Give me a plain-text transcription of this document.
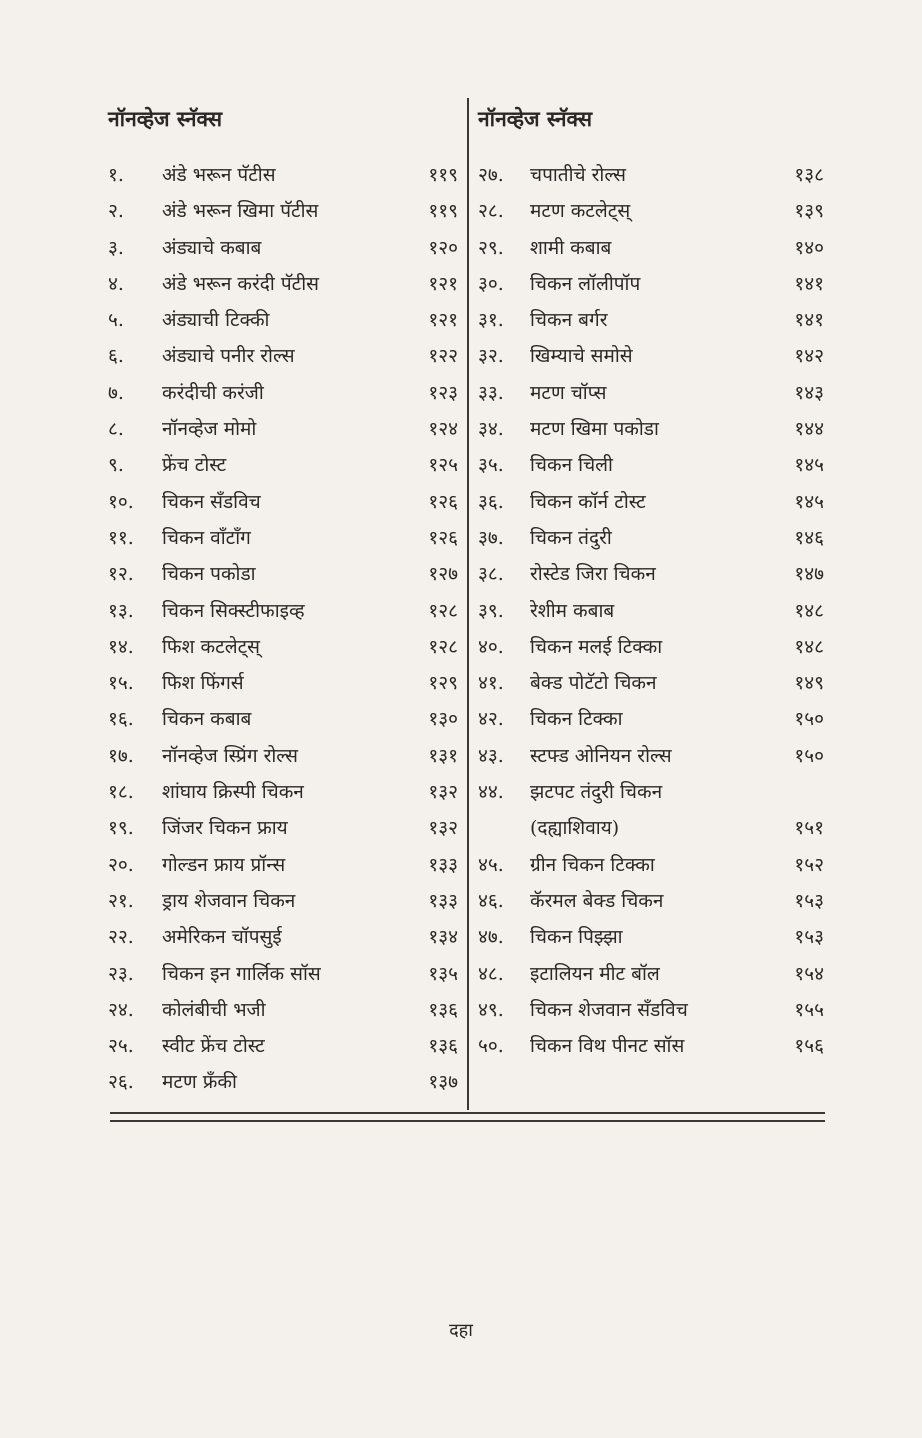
नॉनव्हेज स्नॅक्स
१.	अंडे भरून पॅटीस	११९
२.	अंडे भरून खिमा पॅटीस	११९
३.	अंड्याचे कबाब	१२०
४.	अंडे भरून करंदी पॅटीस	१२१
५.	अंड्याची टिक्की	१२१
६.	अंड्याचे पनीर रोल्स	१२२
७.	करंदीची करंजी	१२३
८.	नॉनव्हेज मोमो	१२४
९.	फ्रेंच टोस्ट	१२५
१०.	चिकन सँडविच	१२६
११.	चिकन वाँटाँग	१२६
१२.	चिकन पकोडा	१२७
१३.	चिकन सिक्स्टीफाइव्ह	१२८
१४.	फिश कटलेट्स्	१२८
१५.	फिश फिंगर्स	१२९
१६.	चिकन कबाब	१३०
१७.	नॉनव्हेज स्प्रिंग रोल्स	१३१
१८.	शांघाय क्रिस्पी चिकन	१३२
१९.	जिंजर चिकन फ्राय	१३२
२०.	गोल्डन फ्राय प्रॉन्स	१३३
२१.	ड्राय शेजवान चिकन	१३३
२२.	अमेरिकन चॉपसुई	१३४
२३.	चिकन इन गार्लिक सॉस	१३५
२४.	कोलंबीची भजी	१३६
२५.	स्वीट फ्रेंच टोस्ट	१३६
२६.	मटण फ्रँकी	१३७
नॉनव्हेज स्नॅक्स
२७.	चपातीचे रोल्स	१३८
२८.	मटण कटलेट्स्	१३९
२९.	शामी कबाब	१४०
३०.	चिकन लॉलीपॉप	१४१
३१.	चिकन बर्गर	१४१
३२.	खिम्याचे समोसे	१४२
३३.	मटण चॉप्स	१४३
३४.	मटण खिमा पकोडा	१४४
३५.	चिकन चिली	१४५
३६.	चिकन कॉर्न टोस्ट	१४५
३७.	चिकन तंदुरी	१४६
३८.	रोस्टेड जिरा चिकन	१४७
३९.	रेशीम कबाब	१४८
४०.	चिकन मलई टिक्का	१४८
४१.	बेक्ड पोटॅटो चिकन	१४९
४२.	चिकन टिक्का	१५०
४३.	स्टफ्ड ओनियन रोल्स	१५०
४४.	झटपट तंदुरी चिकन
(दह्याशिवाय)	१५१
४५.	ग्रीन चिकन टिक्का	१५२
४६.	कॅरमल बेक्ड चिकन	१५३
४७.	चिकन पिझ्झा	१५३
४८.	इटालियन मीट बॉल	१५४
४९.	चिकन शेजवान सँडविच	१५५
५०.	चिकन विथ पीनट सॉस	१५६
दहा
